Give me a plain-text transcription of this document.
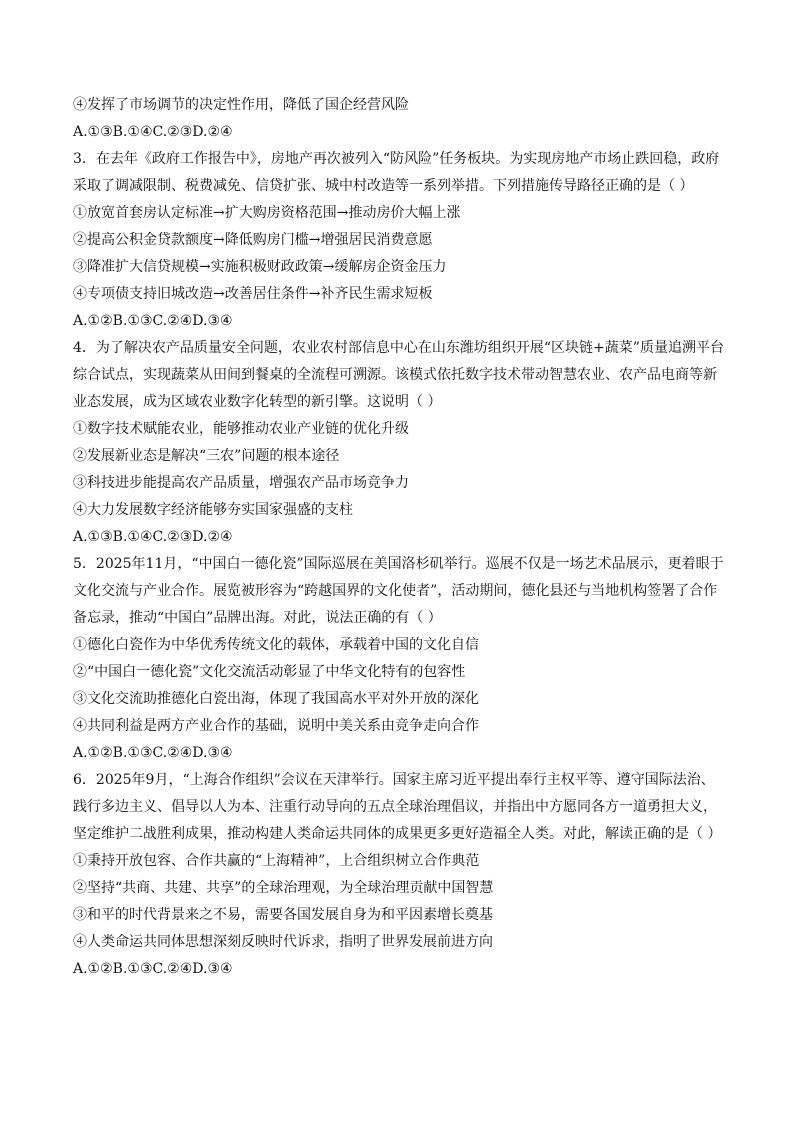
④发挥了市场调节的决定性作用，降低了国企经营风险
A.①③B.①④C.②③D.②④
3．在去年《政府工作报告中》，房地产再次被列入“防风险”任务板块。为实现房地产市场止跌回稳，政府
采取了调减限制、税费减免、信贷扩张、城中村改造等一系列举措。下列措施传导路径正确的是（ ）
①放宽首套房认定标准→扩大购房资格范围→推动房价大幅上涨
②提高公积金贷款额度→降低购房门槛→增强居民消费意愿
③降准扩大信贷规模→实施积极财政政策→缓解房企资金压力
④专项债支持旧城改造→改善居住条件→补齐民生需求短板
A.①②B.①③C.②④D.③④
4．为了解决农产品质量安全问题，农业农村部信息中心在山东潍坊组织开展“区块链+蔬菜”质量追溯平台
综合试点，实现蔬菜从田间到餐桌的全流程可溯源。该模式依托数字技术带动智慧农业、农产品电商等新
业态发展，成为区域农业数字化转型的新引擎。这说明（ ）
①数字技术赋能农业，能够推动农业产业链的优化升级
②发展新业态是解决“三农”问题的根本途径
③科技进步能提高农产品质量，增强农产品市场竞争力
④大力发展数字经济能够夯实国家强盛的支柱
A.①③B.①④C.②③D.②④
5．2025年11月，“中国白一德化瓷”国际巡展在美国洛杉矶举行。巡展不仅是一场艺术品展示，更着眼于
文化交流与产业合作。展览被形容为“跨越国界的文化使者”，活动期间，德化县还与当地机构签署了合作
备忘录，推动“中国白”品牌出海。对此，说法正确的有（ ）
①德化白瓷作为中华优秀传统文化的载体，承载着中国的文化自信
②“中国白一德化瓷”文化交流活动彰显了中华文化特有的包容性
③文化交流助推德化白瓷出海，体现了我国高水平对外开放的深化
④共同利益是两方产业合作的基础，说明中美关系由竞争走向合作
A.①②B.①③C.②④D.③④
6．2025年9月，“上海合作组织”会议在天津举行。国家主席习近平提出奉行主权平等、遵守国际法治、
践行多边主义、倡导以人为本、注重行动导向的五点全球治理倡议，并指出中方愿同各方一道勇担大义，
坚定维护二战胜利成果，推动构建人类命运共同体的成果更多更好造福全人类。对此，解读正确的是（ ）
①秉持开放包容、合作共赢的“上海精神”，上合组织树立合作典范
②坚持“共商、共建、共享”的全球治理观，为全球治理贡献中国智慧
③和平的时代背景来之不易，需要各国发展自身为和平因素增长奠基
④人类命运共同体思想深刻反映时代诉求，指明了世界发展前进方向
A.①②B.①③C.②④D.③④
